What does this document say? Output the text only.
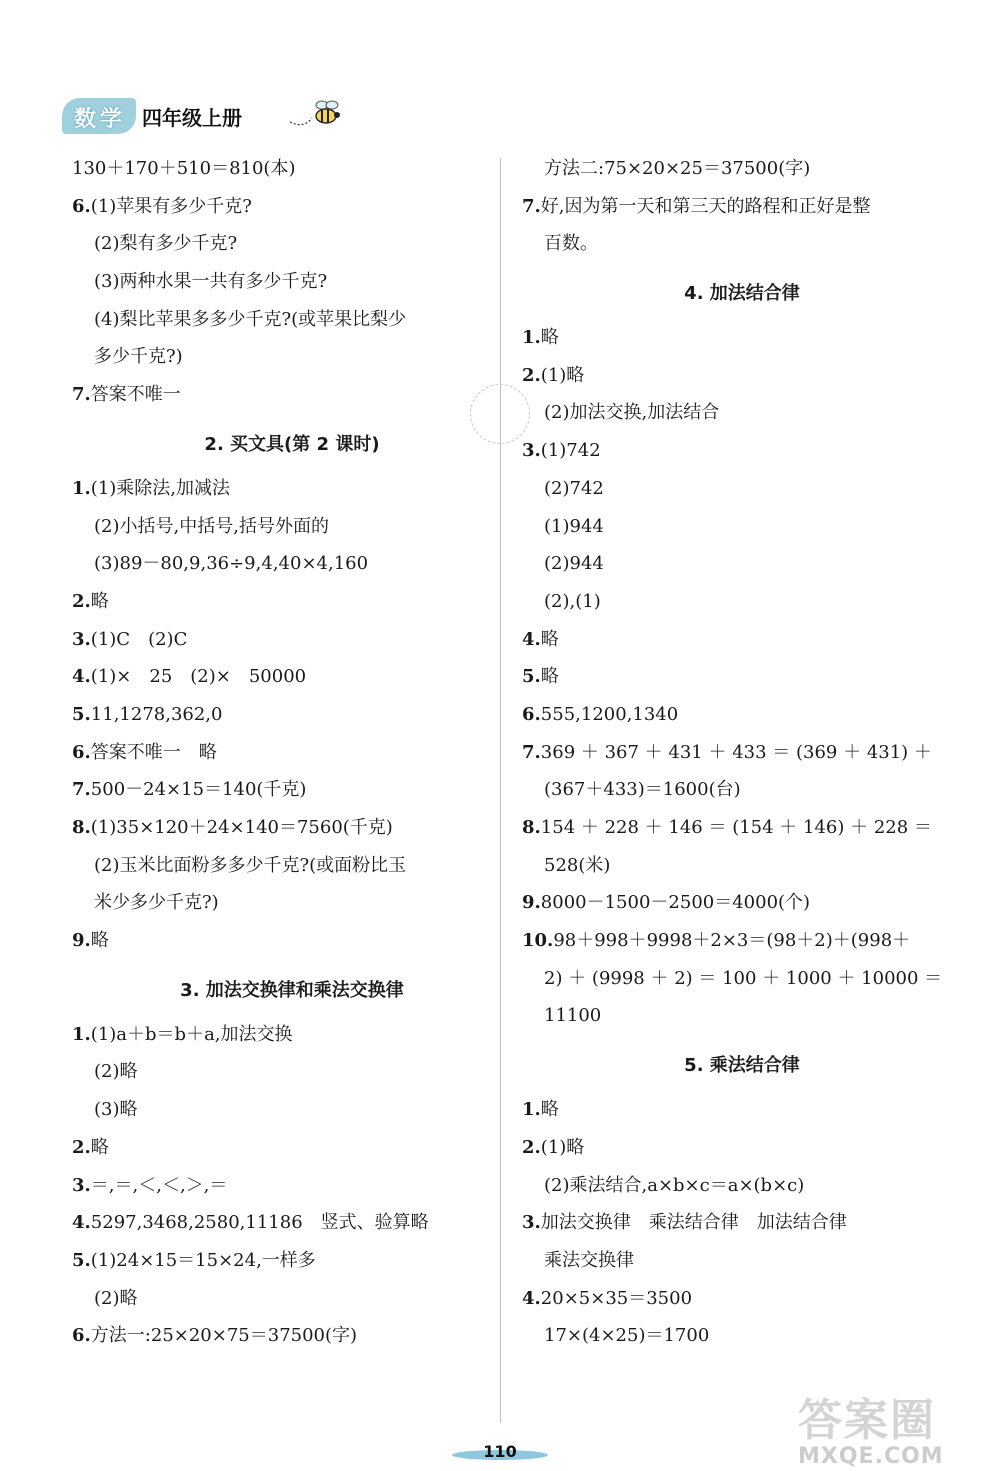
数学 四年级上册
130＋170＋510＝810(本)
6.(1)苹果有多少千克?
(2)梨有多少千克?
(3)两种水果一共有多少千克?
(4)梨比苹果多多少千克?(或苹果比梨少
多少千克?)
7.答案不唯一
2. 买文具(第 2 课时)
1.(1)乘除法,加减法
(2)小括号,中括号,括号外面的
(3)89－80,9,36÷9,4,40×4,160
2.略
3.(1)C　(2)C
4.(1)×　25　(2)×　50000
5.11,1278,362,0
6.答案不唯一　略
7.500－24×15＝140(千克)
8.(1)35×120＋24×140＝7560(千克)
(2)玉米比面粉多多少千克?(或面粉比玉
米少多少千克?)
9.略
3. 加法交换律和乘法交换律
1.(1)a＋b＝b＋a,加法交换
(2)略
(3)略
2.略
3.＝,＝,＜,＜,＞,＝
4.5297,3468,2580,11186　竖式、验算略
5.(1)24×15＝15×24,一样多
(2)略
6.方法一:25×20×75＝37500(字)
方法二:75×20×25＝37500(字)
7.好,因为第一天和第三天的路程和正好是整
百数。
4. 加法结合律
1.略
2.(1)略
(2)加法交换,加法结合
3.(1)742
(2)742
(1)944
(2)944
(2),(1)
4.略
5.略
6.555,1200,1340
7.369 ＋ 367 ＋ 431 ＋ 433 ＝ (369 ＋ 431) ＋
(367＋433)＝1600(台)
8.154 ＋ 228 ＋ 146 ＝ (154 ＋ 146) ＋ 228 ＝
528(米)
9.8000－1500－2500＝4000(个)
10.98＋998＋9998＋2×3＝(98＋2)＋(998＋
2) ＋ (9998 ＋ 2) ＝ 100 ＋ 1000 ＋ 10000 ＝
11100
5. 乘法结合律
1.略
2.(1)略
(2)乘法结合,a×b×c＝a×(b×c)
3.加法交换律　乘法结合律　加法结合律
乘法交换律
4.20×5×35＝3500
17×(4×25)＝1700
110
答案圈
MXQE.COM
